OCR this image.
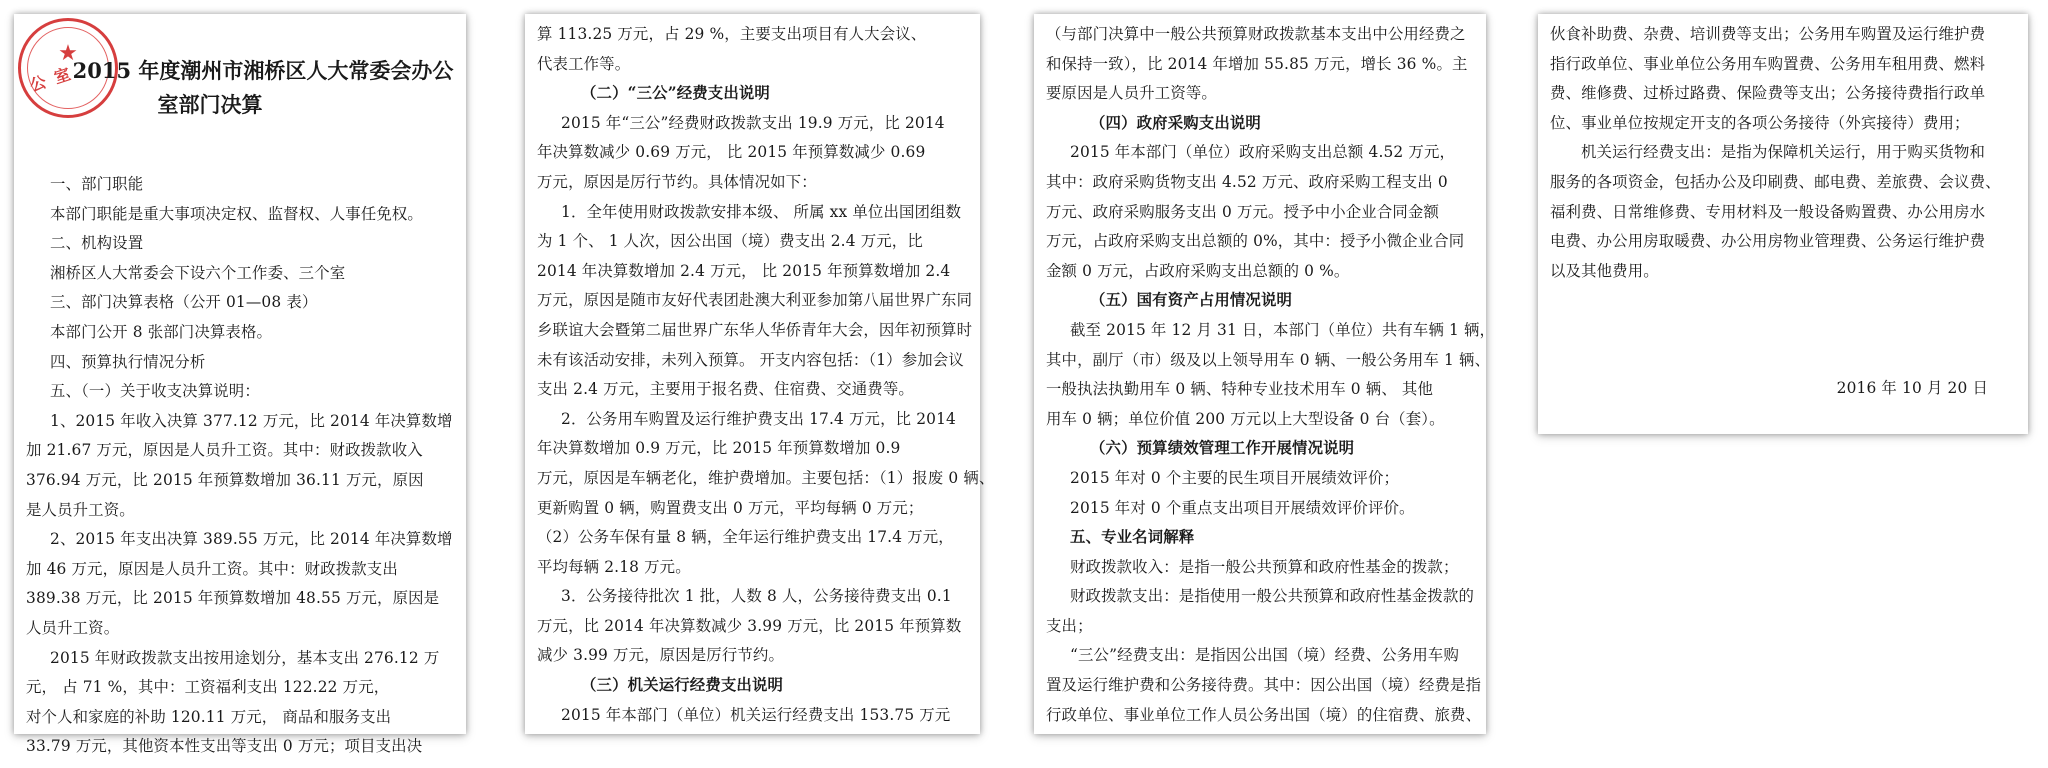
★
公 室
2015 年度潮州市湘桥区人大常委会办公
室部门决算
一、部门职能
本部门职能是重大事项决定权、监督权、人事任免权。
二、机构设置
湘桥区人大常委会下设六个工作委、三个室
三、部门决算表格（公开 01—08 表）
本部门公开 8 张部门决算表格。
四、预算执行情况分析
五、（一）关于收支决算说明：
1、2015 年收入决算 377.12 万元，比 2014 年决算数增
加 21.67 万元，原因是人员升工资。其中：财政拨款收入
376.94 万元，比 2015 年预算数增加 36.11 万元，原因
是人员升工资。
2、2015 年支出决算 389.55 万元，比 2014 年决算数增
加 46 万元，原因是人员升工资。其中：财政拨款支出
389.38 万元，比 2015 年预算数增加 48.55 万元，原因是
人员升工资。
2015 年财政拨款支出按用途划分，基本支出 276.12 万
元， 占 71 %，其中：工资福利支出 122.22 万元，
对个人和家庭的补助 120.11 万元， 商品和服务支出
33.79 万元，其他资本性支出等支出 0 万元；项目支出决
算 113.25 万元，占 29 %，主要支出项目有人大会议、
代表工作等。
（二）“三公”经费支出说明
2015 年“三公”经费财政拨款支出 19.9 万元，比 2014
年决算数减少 0.69 万元， 比 2015 年预算数减少 0.69
万元，原因是厉行节约。具体情况如下：
1．全年使用财政拨款安排本级、 所属 xx 单位出国团组数
为 1 个、 1 人次，因公出国（境）费支出 2.4 万元，比
2014 年决算数增加 2.4 万元， 比 2015 年预算数增加 2.4
万元，原因是随市友好代表团赴澳大利亚参加第八届世界广东同
乡联谊大会暨第二届世界广东华人华侨青年大会，因年初预算时
未有该活动安排，未列入预算。 开支内容包括：（1）参加会议
支出 2.4 万元，主要用于报名费、住宿费、交通费等。
2．公务用车购置及运行维护费支出 17.4 万元，比 2014
年决算数增加 0.9 万元，比 2015 年预算数增加 0.9
万元，原因是车辆老化，维护费增加。主要包括：（1）报废 0 辆、
更新购置 0 辆，购置费支出 0 万元，平均每辆 0 万元；
（2）公务车保有量 8 辆，全年运行维护费支出 17.4 万元，
平均每辆 2.18 万元。
3．公务接待批次 1 批，人数 8 人，公务接待费支出 0.1
万元，比 2014 年决算数减少 3.99 万元，比 2015 年预算数
减少 3.99 万元，原因是厉行节约。
（三）机关运行经费支出说明
2015 年本部门（单位）机关运行经费支出 153.75 万元
（与部门决算中一般公共预算财政拨款基本支出中公用经费之
和保持一致），比 2014 年增加 55.85 万元，增长 36 %。主
要原因是人员升工资等。
（四）政府采购支出说明
2015 年本部门（单位）政府采购支出总额 4.52 万元，
其中：政府采购货物支出 4.52 万元、政府采购工程支出 0
万元、政府采购服务支出 0 万元。授予中小企业合同金额
万元，占政府采购支出总额的 0%，其中：授予小微企业合同
金额 0 万元，占政府采购支出总额的 0 %。
（五）国有资产占用情况说明
截至 2015 年 12 月 31 日，本部门（单位）共有车辆 1 辆，
其中，副厅（市）级及以上领导用车 0 辆、一般公务用车 1 辆、
一般执法执勤用车 0 辆、特种专业技术用车 0 辆、 其他
用车 0 辆；单位价值 200 万元以上大型设备 0 台（套）。
（六）预算绩效管理工作开展情况说明
2015 年对 0 个主要的民生项目开展绩效评价；
2015 年对 0 个重点支出项目开展绩效评价评价。
五、专业名词解释
财政拨款收入：是指一般公共预算和政府性基金的拨款；
财政拨款支出：是指使用一般公共预算和政府性基金拨款的
支出；
“三公”经费支出：是指因公出国（境）经费、公务用车购
置及运行维护费和公务接待费。其中：因公出国（境）经费是指
行政单位、事业单位工作人员公务出国（境）的住宿费、旅费、
伙食补助费、杂费、培训费等支出；公务用车购置及运行维护费
指行政单位、事业单位公务用车购置费、公务用车租用费、燃料
费、维修费、过桥过路费、保险费等支出；公务接待费指行政单
位、事业单位按规定开支的各项公务接待（外宾接待）费用；
机关运行经费支出：是指为保障机关运行，用于购买货物和
服务的各项资金，包括办公及印刷费、邮电费、差旅费、会议费、
福利费、日常维修费、专用材料及一般设备购置费、办公用房水
电费、办公用房取暖费、办公用房物业管理费、公务运行维护费
以及其他费用。
2016 年 10 月 20 日
